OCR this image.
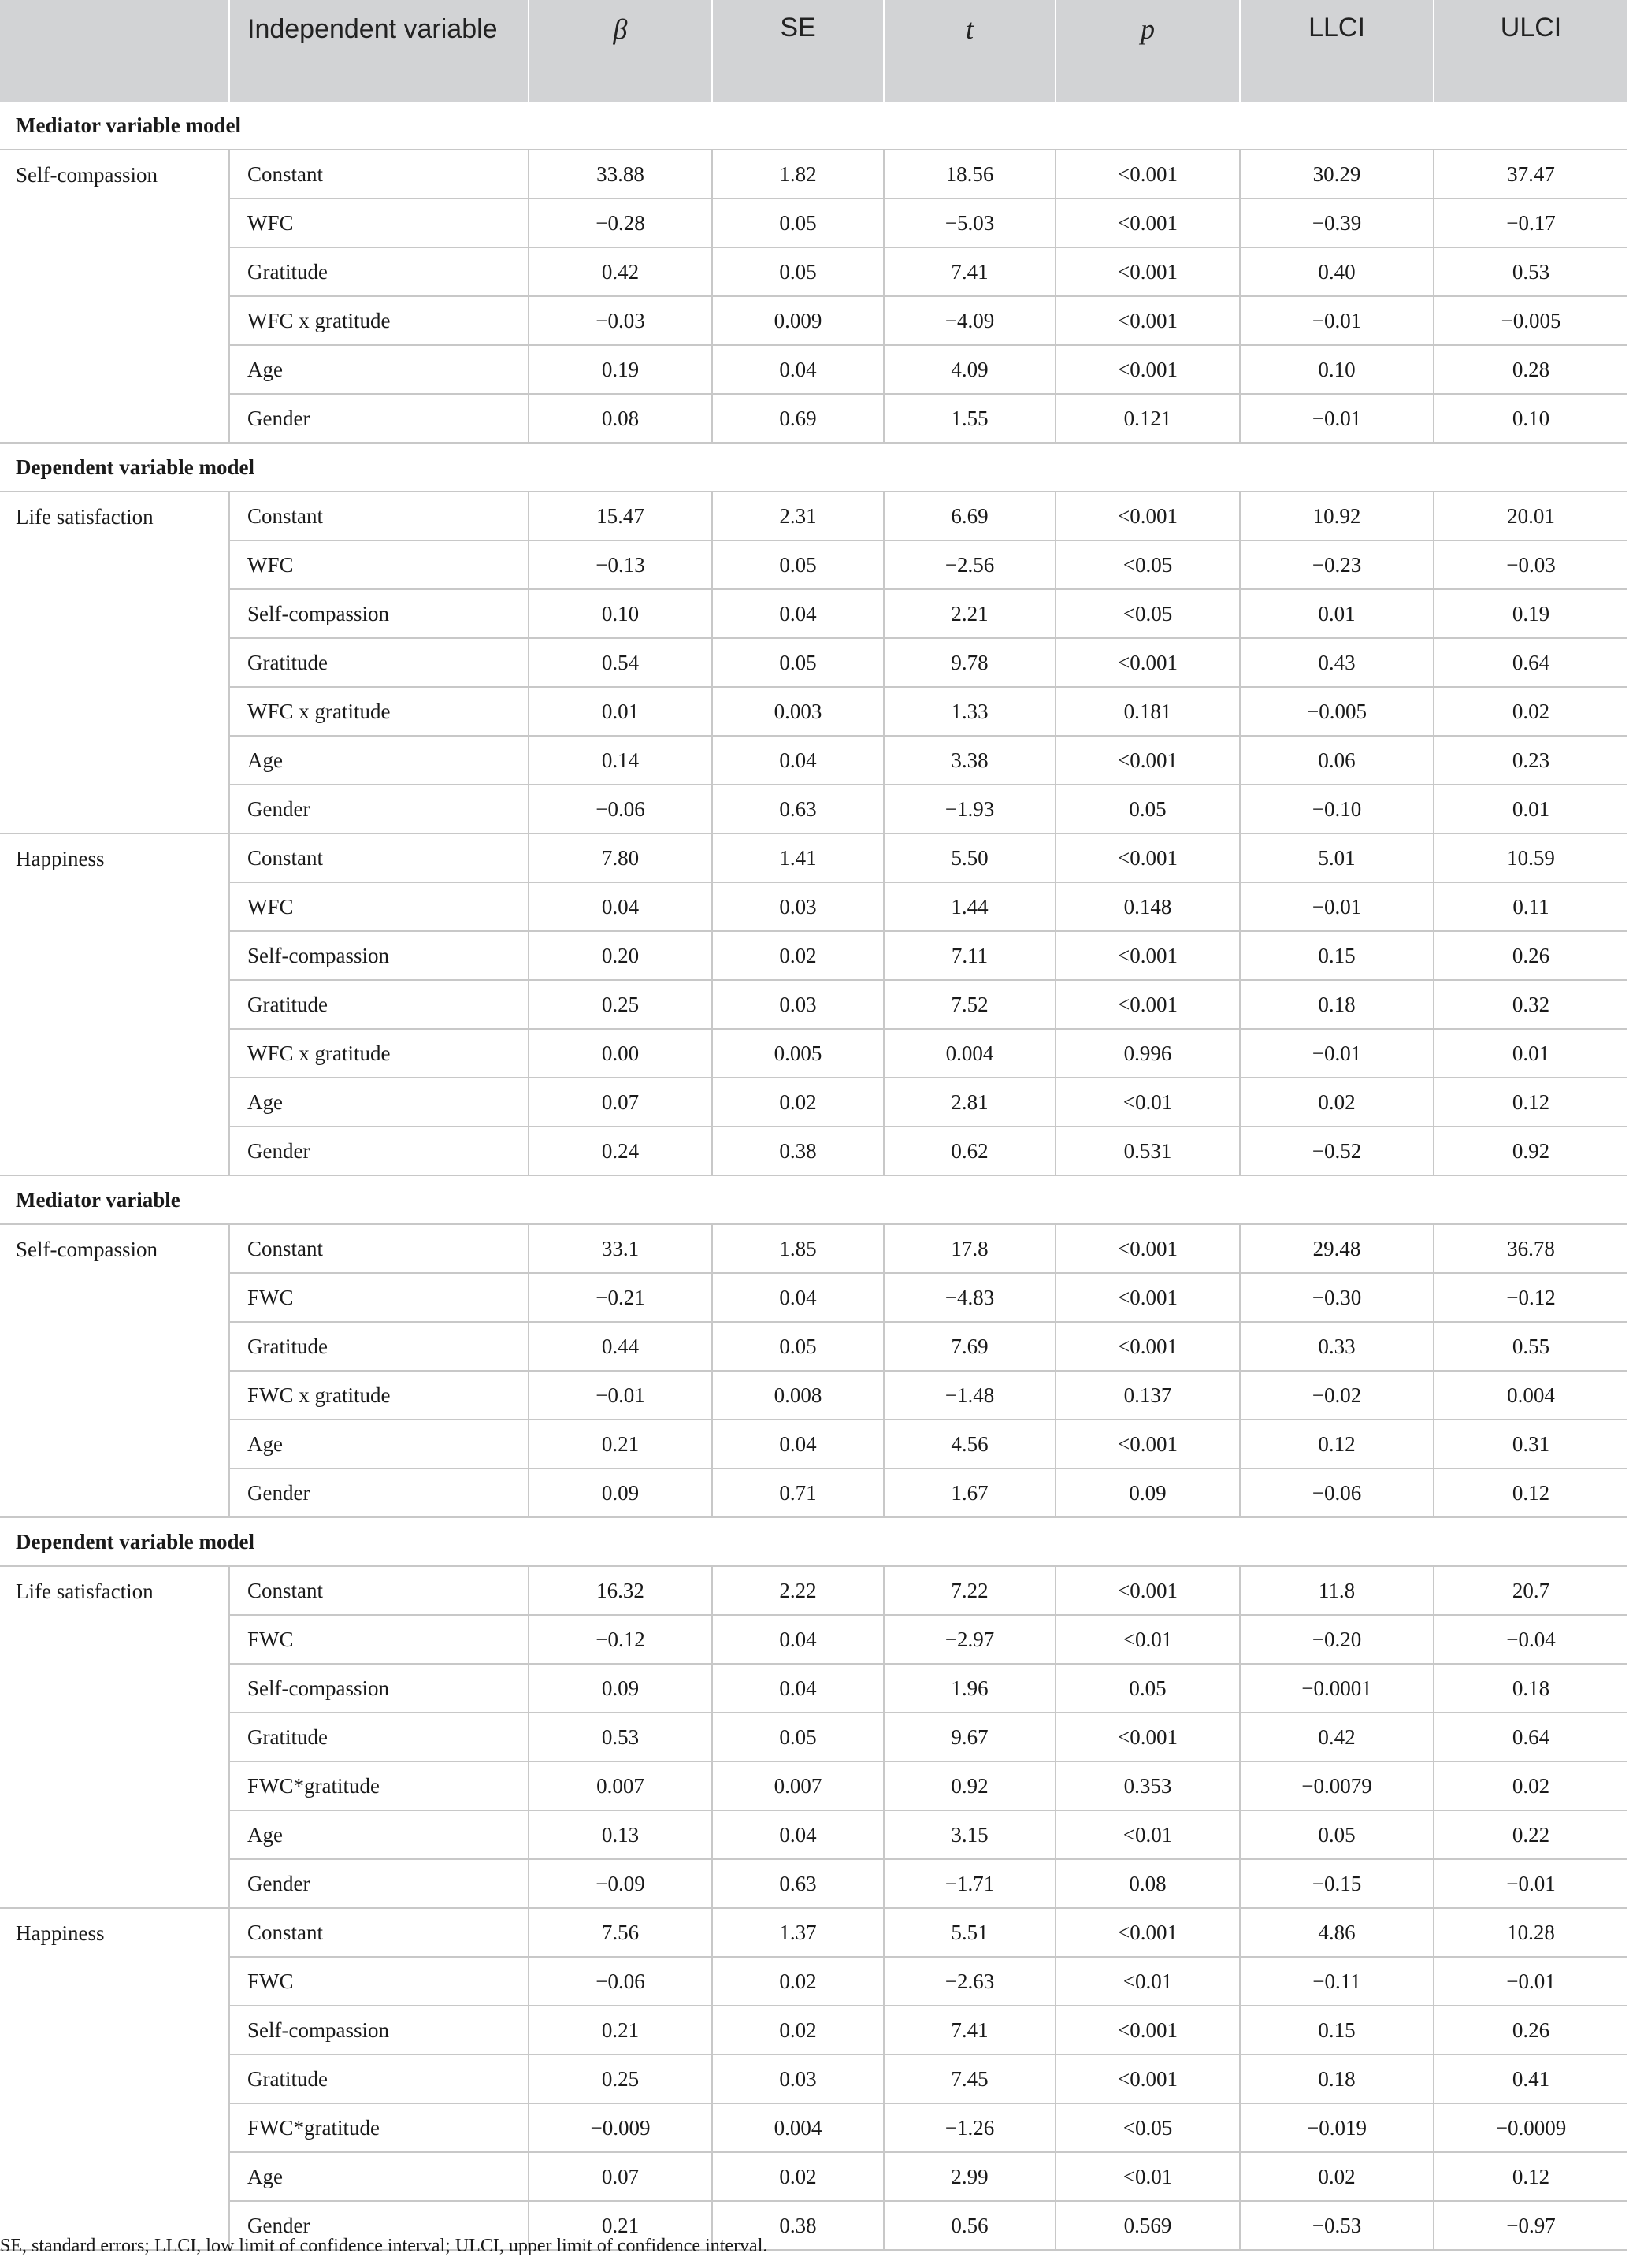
	Independent variable	β	SE	t	p	LLCI	ULCI
Mediator variable model							
Self-compassion	Constant	33.88	1.82	18.56	<0.001	30.29	37.47
	WFC	−0.28	0.05	−5.03	<0.001	−0.39	−0.17
	Gratitude	0.42	0.05	7.41	<0.001	0.40	0.53
	WFC x gratitude	−0.03	0.009	−4.09	<0.001	−0.01	−0.005
	Age	0.19	0.04	4.09	<0.001	0.10	0.28
	Gender	0.08	0.69	1.55	0.121	−0.01	0.10
Dependent variable model							
Life satisfaction	Constant	15.47	2.31	6.69	<0.001	10.92	20.01
	WFC	−0.13	0.05	−2.56	<0.05	−0.23	−0.03
	Self-compassion	0.10	0.04	2.21	<0.05	0.01	0.19
	Gratitude	0.54	0.05	9.78	<0.001	0.43	0.64
	WFC x gratitude	0.01	0.003	1.33	0.181	−0.005	0.02
	Age	0.14	0.04	3.38	<0.001	0.06	0.23
	Gender	−0.06	0.63	−1.93	0.05	−0.10	0.01
Happiness	Constant	7.80	1.41	5.50	<0.001	5.01	10.59
	WFC	0.04	0.03	1.44	0.148	−0.01	0.11
	Self-compassion	0.20	0.02	7.11	<0.001	0.15	0.26
	Gratitude	0.25	0.03	7.52	<0.001	0.18	0.32
	WFC x gratitude	0.00	0.005	0.004	0.996	−0.01	0.01
	Age	0.07	0.02	2.81	<0.01	0.02	0.12
	Gender	0.24	0.38	0.62	0.531	−0.52	0.92
Mediator variable							
Self-compassion	Constant	33.1	1.85	17.8	<0.001	29.48	36.78
	FWC	−0.21	0.04	−4.83	<0.001	−0.30	−0.12
	Gratitude	0.44	0.05	7.69	<0.001	0.33	0.55
	FWC x gratitude	−0.01	0.008	−1.48	0.137	−0.02	0.004
	Age	0.21	0.04	4.56	<0.001	0.12	0.31
	Gender	0.09	0.71	1.67	0.09	−0.06	0.12
Dependent variable model							
Life satisfaction	Constant	16.32	2.22	7.22	<0.001	11.8	20.7
	FWC	−0.12	0.04	−2.97	<0.01	−0.20	−0.04
	Self-compassion	0.09	0.04	1.96	0.05	−0.0001	0.18
	Gratitude	0.53	0.05	9.67	<0.001	0.42	0.64
	FWC*gratitude	0.007	0.007	0.92	0.353	−0.0079	0.02
	Age	0.13	0.04	3.15	<0.01	0.05	0.22
	Gender	−0.09	0.63	−1.71	0.08	−0.15	−0.01
Happiness	Constant	7.56	1.37	5.51	<0.001	4.86	10.28
	FWC	−0.06	0.02	−2.63	<0.01	−0.11	−0.01
	Self-compassion	0.21	0.02	7.41	<0.001	0.15	0.26
	Gratitude	0.25	0.03	7.45	<0.001	0.18	0.41
	FWC*gratitude	−0.009	0.004	−1.26	<0.05	−0.019	−0.0009
	Age	0.07	0.02	2.99	<0.01	0.02	0.12
	Gender	0.21	0.38	0.56	0.569	−0.53	−0.97
SE, standard errors; LLCI, low limit of confidence interval; ULCI, upper limit of confidence interval.
